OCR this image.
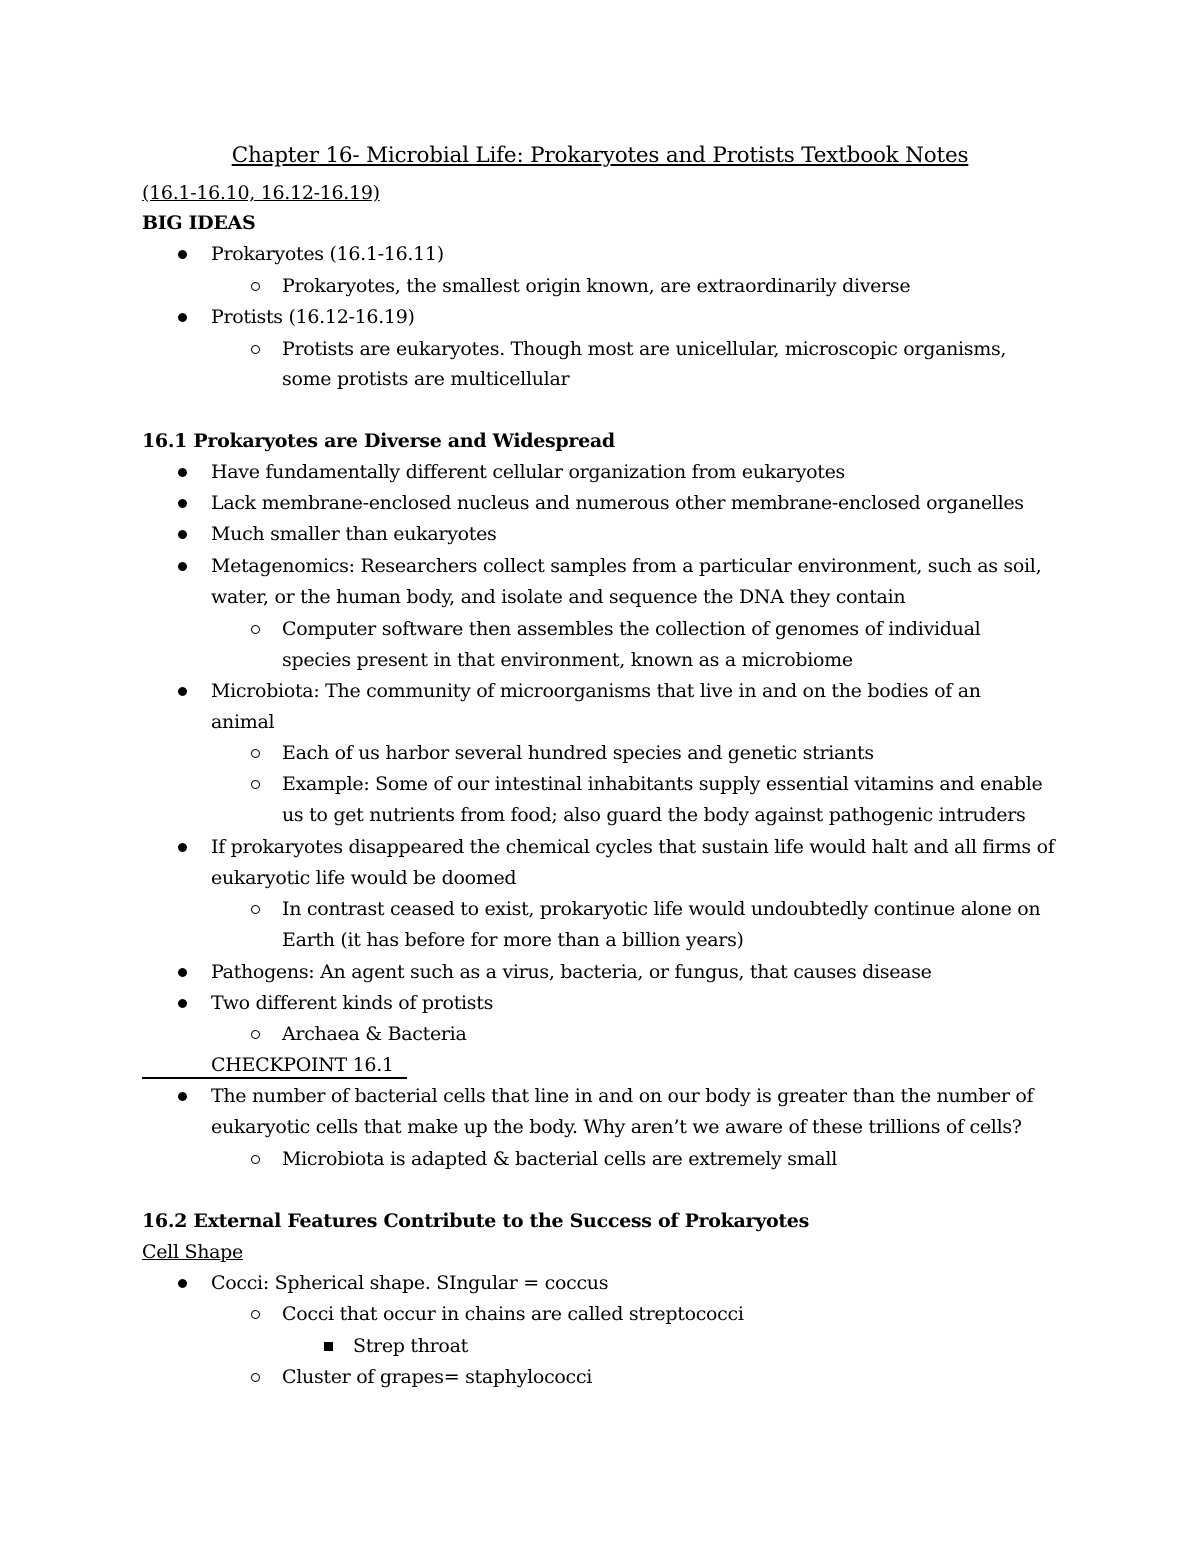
Chapter 16- Microbial Life: Prokaryotes and Protists Textbook Notes
(16.1-16.10, 16.12-16.19)
BIG IDEAS
Prokaryotes (16.1-16.11)
Prokaryotes, the smallest origin known, are extraordinarily diverse
Protists (16.12-16.19)
Protists are eukaryotes. Though most are unicellular, microscopic organisms,
some protists are multicellular
16.1 Prokaryotes are Diverse and Widespread
Have fundamentally different cellular organization from eukaryotes
Lack membrane-enclosed nucleus and numerous other membrane-enclosed organelles
Much smaller than eukaryotes
Metagenomics: Researchers collect samples from a particular environment, such as soil,
water, or the human body, and isolate and sequence the DNA they contain
Computer software then assembles the collection of genomes of individual
species present in that environment, known as a microbiome
Microbiota: The community of microorganisms that live in and on the bodies of an
animal
Each of us harbor several hundred species and genetic striants
Example: Some of our intestinal inhabitants supply essential vitamins and enable
us to get nutrients from food; also guard the body against pathogenic intruders
If prokaryotes disappeared the chemical cycles that sustain life would halt and all firms of
eukaryotic life would be doomed
In contrast ceased to exist, prokaryotic life would undoubtedly continue alone on
Earth (it has before for more than a billion years)
Pathogens: An agent such as a virus, bacteria, or fungus, that causes disease
Two different kinds of protists
Archaea & Bacteria
CHECKPOINT 16.1
The number of bacterial cells that line in and on our body is greater than the number of
eukaryotic cells that make up the body. Why aren’t we aware of these trillions of cells?
Microbiota is adapted & bacterial cells are extremely small
16.2 External Features Contribute to the Success of Prokaryotes
Cell Shape
Cocci: Spherical shape. SIngular = coccus
Cocci that occur in chains are called streptococci
Strep throat
Cluster of grapes= staphylococci
